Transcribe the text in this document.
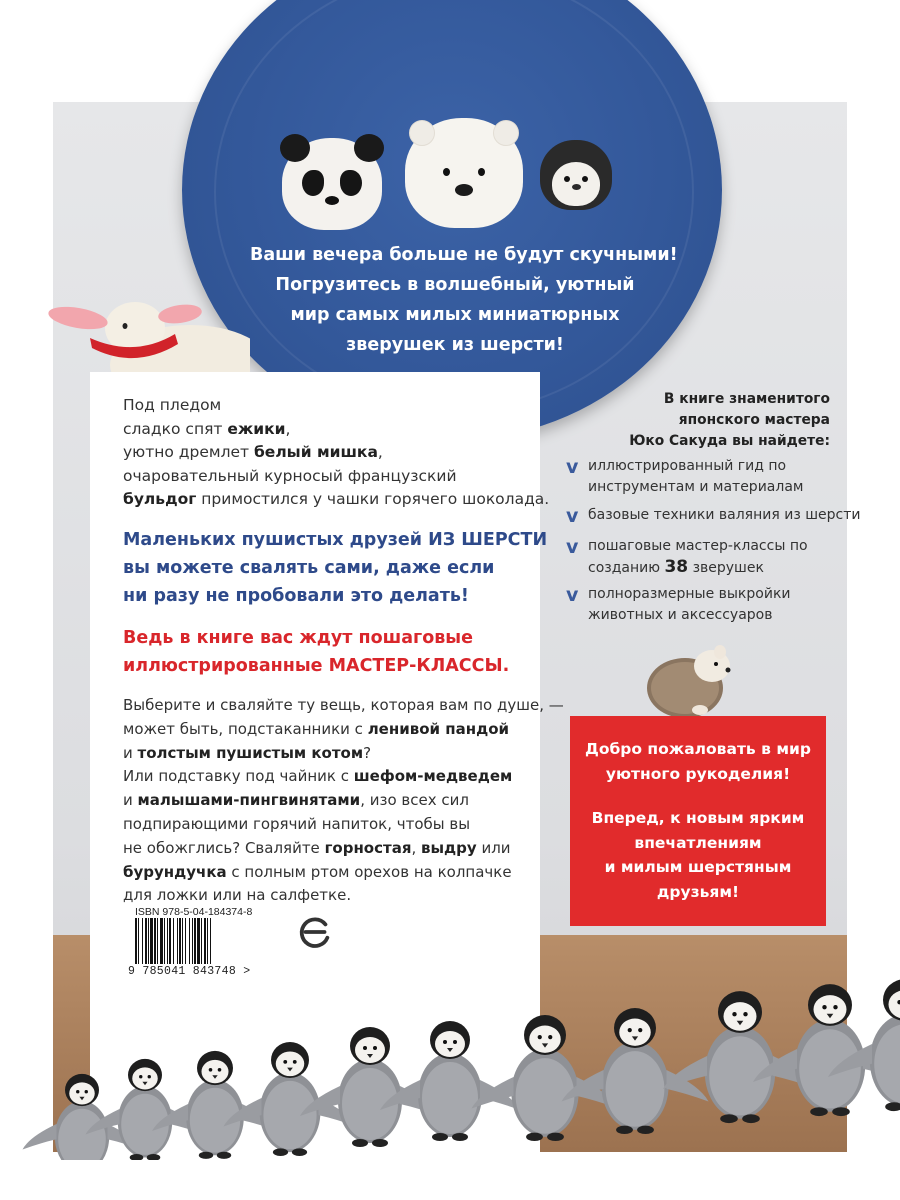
Ваши вечера больше не будут скучными!
Погрузитесь в волшебный, уютный
мир самых милых миниатюрных
зверушек из шерсти!
Под пледом
сладко спят ежики,
уютно дремлет белый мишка,
очаровательный курносый французский
бульдог примостился у чашки горячего шоколада.
Маленьких пушистых друзей ИЗ ШЕРСТИ
вы можете свалять сами, даже если
ни разу не пробовали это делать!
Ведь в книге вас ждут пошаговые
иллюстрированные МАСТЕР-КЛАССЫ.
Выберите и сваляйте ту вещь, которая вам по душе, —
может быть, подстаканники с ленивой пандой
и толстым пушистым котом?
Или подставку под чайник с шефом-медведем
и малышами-пингвинятами, изо всех сил
подпирающими горячий напиток, чтобы вы
не обожглись? Сваляйте горностая, выдру или
бурундучка с полным ртом орехов на колпачке
для ложки или на салфетке.
ISBN 978-5-04-184374-8
9 785041 843748 >
В книге знаменитого
японского мастера
Юко Сакуда вы найдете:
v иллюстрированный гид по
инструментам и материалам
v базовые техники валяния из шерсти
v пошаговые мастер-классы по
созданию 38 зверушек
v полноразмерные выкройки
животных и аксессуаров
Добро пожаловать в мир
уютного рукоделия!
Вперед, к новым ярким
впечатлениям
и милым шерстяным
друзьям!
